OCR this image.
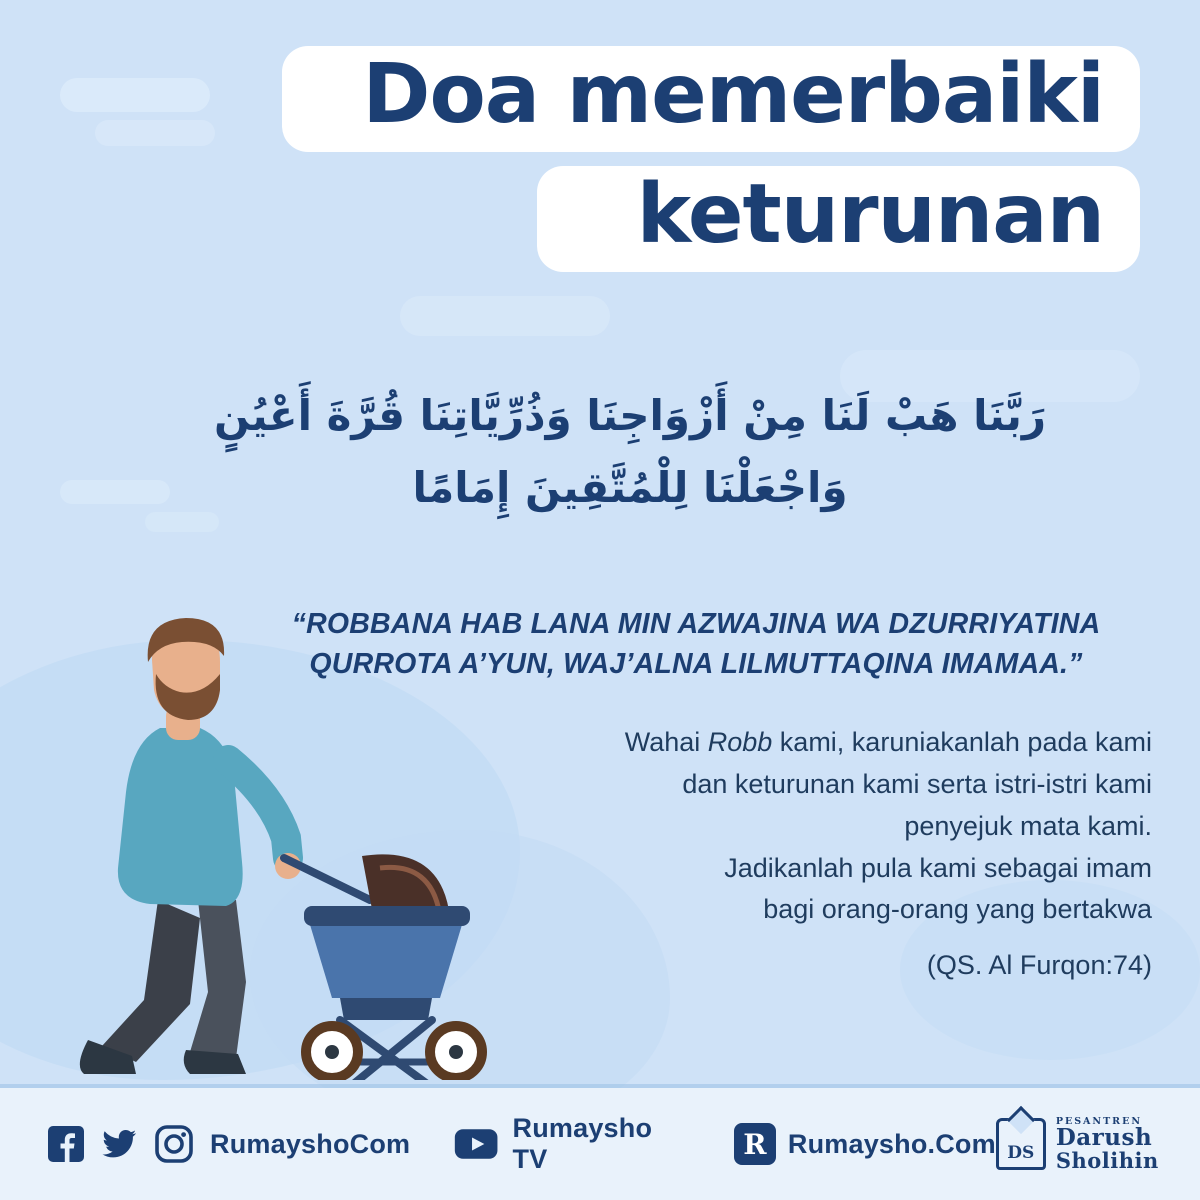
Doa memerbaiki

keturunan
رَبَّنَا هَبْ لَنَا مِنْ أَزْوَاجِنَا وَذُرِّيَّاتِنَا قُرَّةَ أَعْيُنٍ
وَاجْعَلْنَا لِلْمُتَّقِينَ إِمَامًا
“ROBBANA HAB LANA MIN AZWAJINA WA DZURRIYATINA QURROTA A’YUN, WAJ’ALNA LILMUTTAQINA IMAMAA.”
Wahai Robb kami, karuniakanlah pada kami
dan keturunan kami serta istri-istri kami
penyejuk mata kami.
Jadikanlah pula kami sebagai imam
bagi orang-orang yang bertakwa
(QS. Al Furqon:74)
RumayshoCom
Rumaysho TV	R Rumaysho.Com DS
PESANTREN
Darush
Sholihin
